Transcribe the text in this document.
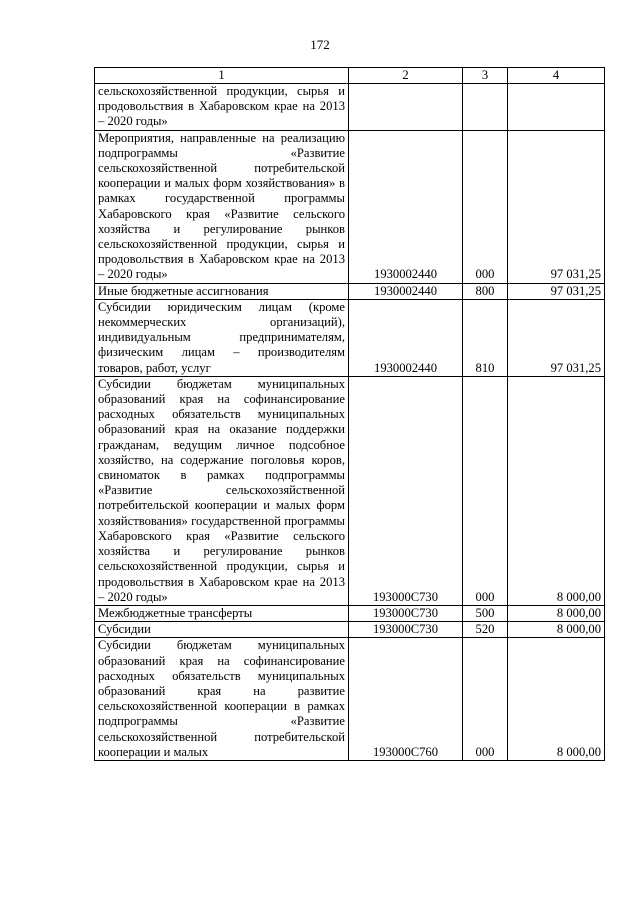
172
1	2	3	4
сельскохозяйственной продукции, сырья и продовольствия в Хабаровском крае на 2013 – 2020 годы»			
Мероприятия, направленные на реализацию подпрограммы «Развитие сельскохозяйственной потребительской кооперации и малых форм хозяйствования» в рамках государственной программы Хабаровского края «Развитие сельского хозяйства и регулирование рынков сельскохозяйственной продукции, сырья и продовольствия в Хабаровском крае на 2013 – 2020 годы»	1930002440	000	97 031,25
Иные бюджетные ассигнования	1930002440	800	97 031,25
Субсидии юридическим лицам (кроме некоммерческих организаций), индивидуальным предпринимателям, физическим лицам – производителям товаров, работ, услуг	1930002440	810	97 031,25
Субсидии бюджетам муниципальных образований края на софинансирование расходных обязательств муниципальных образований края на оказание поддержки гражданам, ведущим личное подсобное хозяйство, на содержание поголовья коров, свиноматок в рамках подпрограммы «Развитие сельскохозяйственной потребительской кооперации и малых форм хозяйствования» государственной программы Хабаровского края «Развитие сельского хозяйства и регулирование рынков сельскохозяйственной продукции, сырья и продовольствия в Хабаровском крае на 2013 – 2020 годы»	193000С730	000	8 000,00
Межбюджетные трансферты	193000С730	500	8 000,00
Субсидии	193000С730	520	8 000,00
Субсидии бюджетам муниципальных образований края на софинансирование расходных обязательств муниципальных образований края на развитие сельскохозяйственной кооперации в рамках подпрограммы «Развитие сельскохозяйственной потребительской кооперации и малых	193000С760	000	8 000,00
